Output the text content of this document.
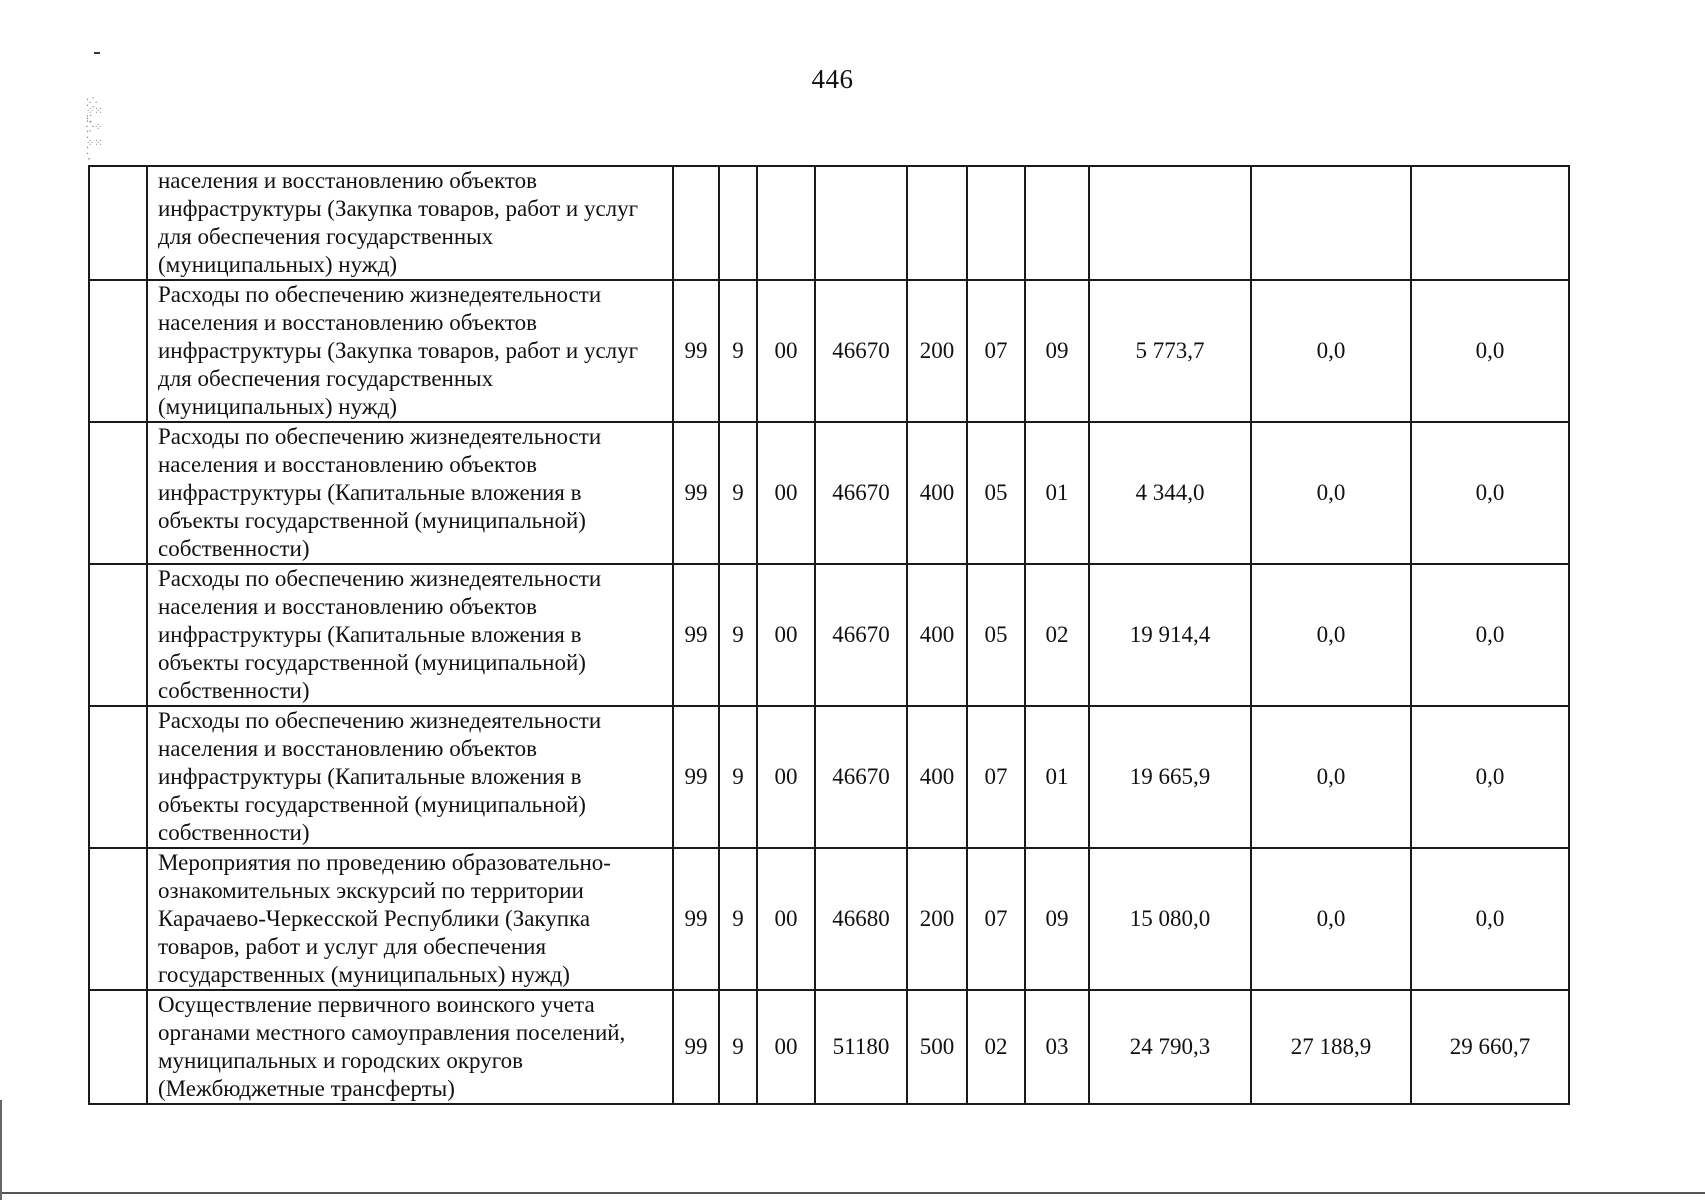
446
⁚⁛
⁘⁙
⁝⁚
⁛⁘
⁚
⁘⁙
⁚
·
	населения и восстановлению объектов инфраструктуры (Закупка товаров, работ и услуг для обеспечения государственных (муниципальных) нужд)										
	Расходы по обеспечению жизнедеятельности населения и восстановлению объектов инфраструктуры (Закупка товаров, работ и услуг для обеспечения государственных (муниципальных) нужд)	99	9	00	46670	200	07	09	5 773,7	0,0	0,0
	Расходы по обеспечению жизнедеятельности населения и восстановлению объектов инфраструктуры (Капитальные вложения в объекты государственной (муниципальной) собственности)	99	9	00	46670	400	05	01	4 344,0	0,0	0,0
	Расходы по обеспечению жизнедеятельности населения и восстановлению объектов инфраструктуры (Капитальные вложения в объекты государственной (муниципальной) собственности)	99	9	00	46670	400	05	02	19 914,4	0,0	0,0
	Расходы по обеспечению жизнедеятельности населения и восстановлению объектов инфраструктуры (Капитальные вложения в объекты государственной (муниципальной) собственности)	99	9	00	46670	400	07	01	19 665,9	0,0	0,0
	Мероприятия по проведению образовательно-ознакомительных экскурсий по территории Карачаево-Черкесской Республики (Закупка товаров, работ и услуг для обеспечения государственных (муниципальных) нужд)	99	9	00	46680	200	07	09	15 080,0	0,0	0,0
	Осуществление первичного воинского учета органами местного самоуправления поселений, муниципальных и городских округов (Межбюджетные трансферты)	99	9	00	51180	500	02	03	24 790,3	27 188,9	29 660,7
